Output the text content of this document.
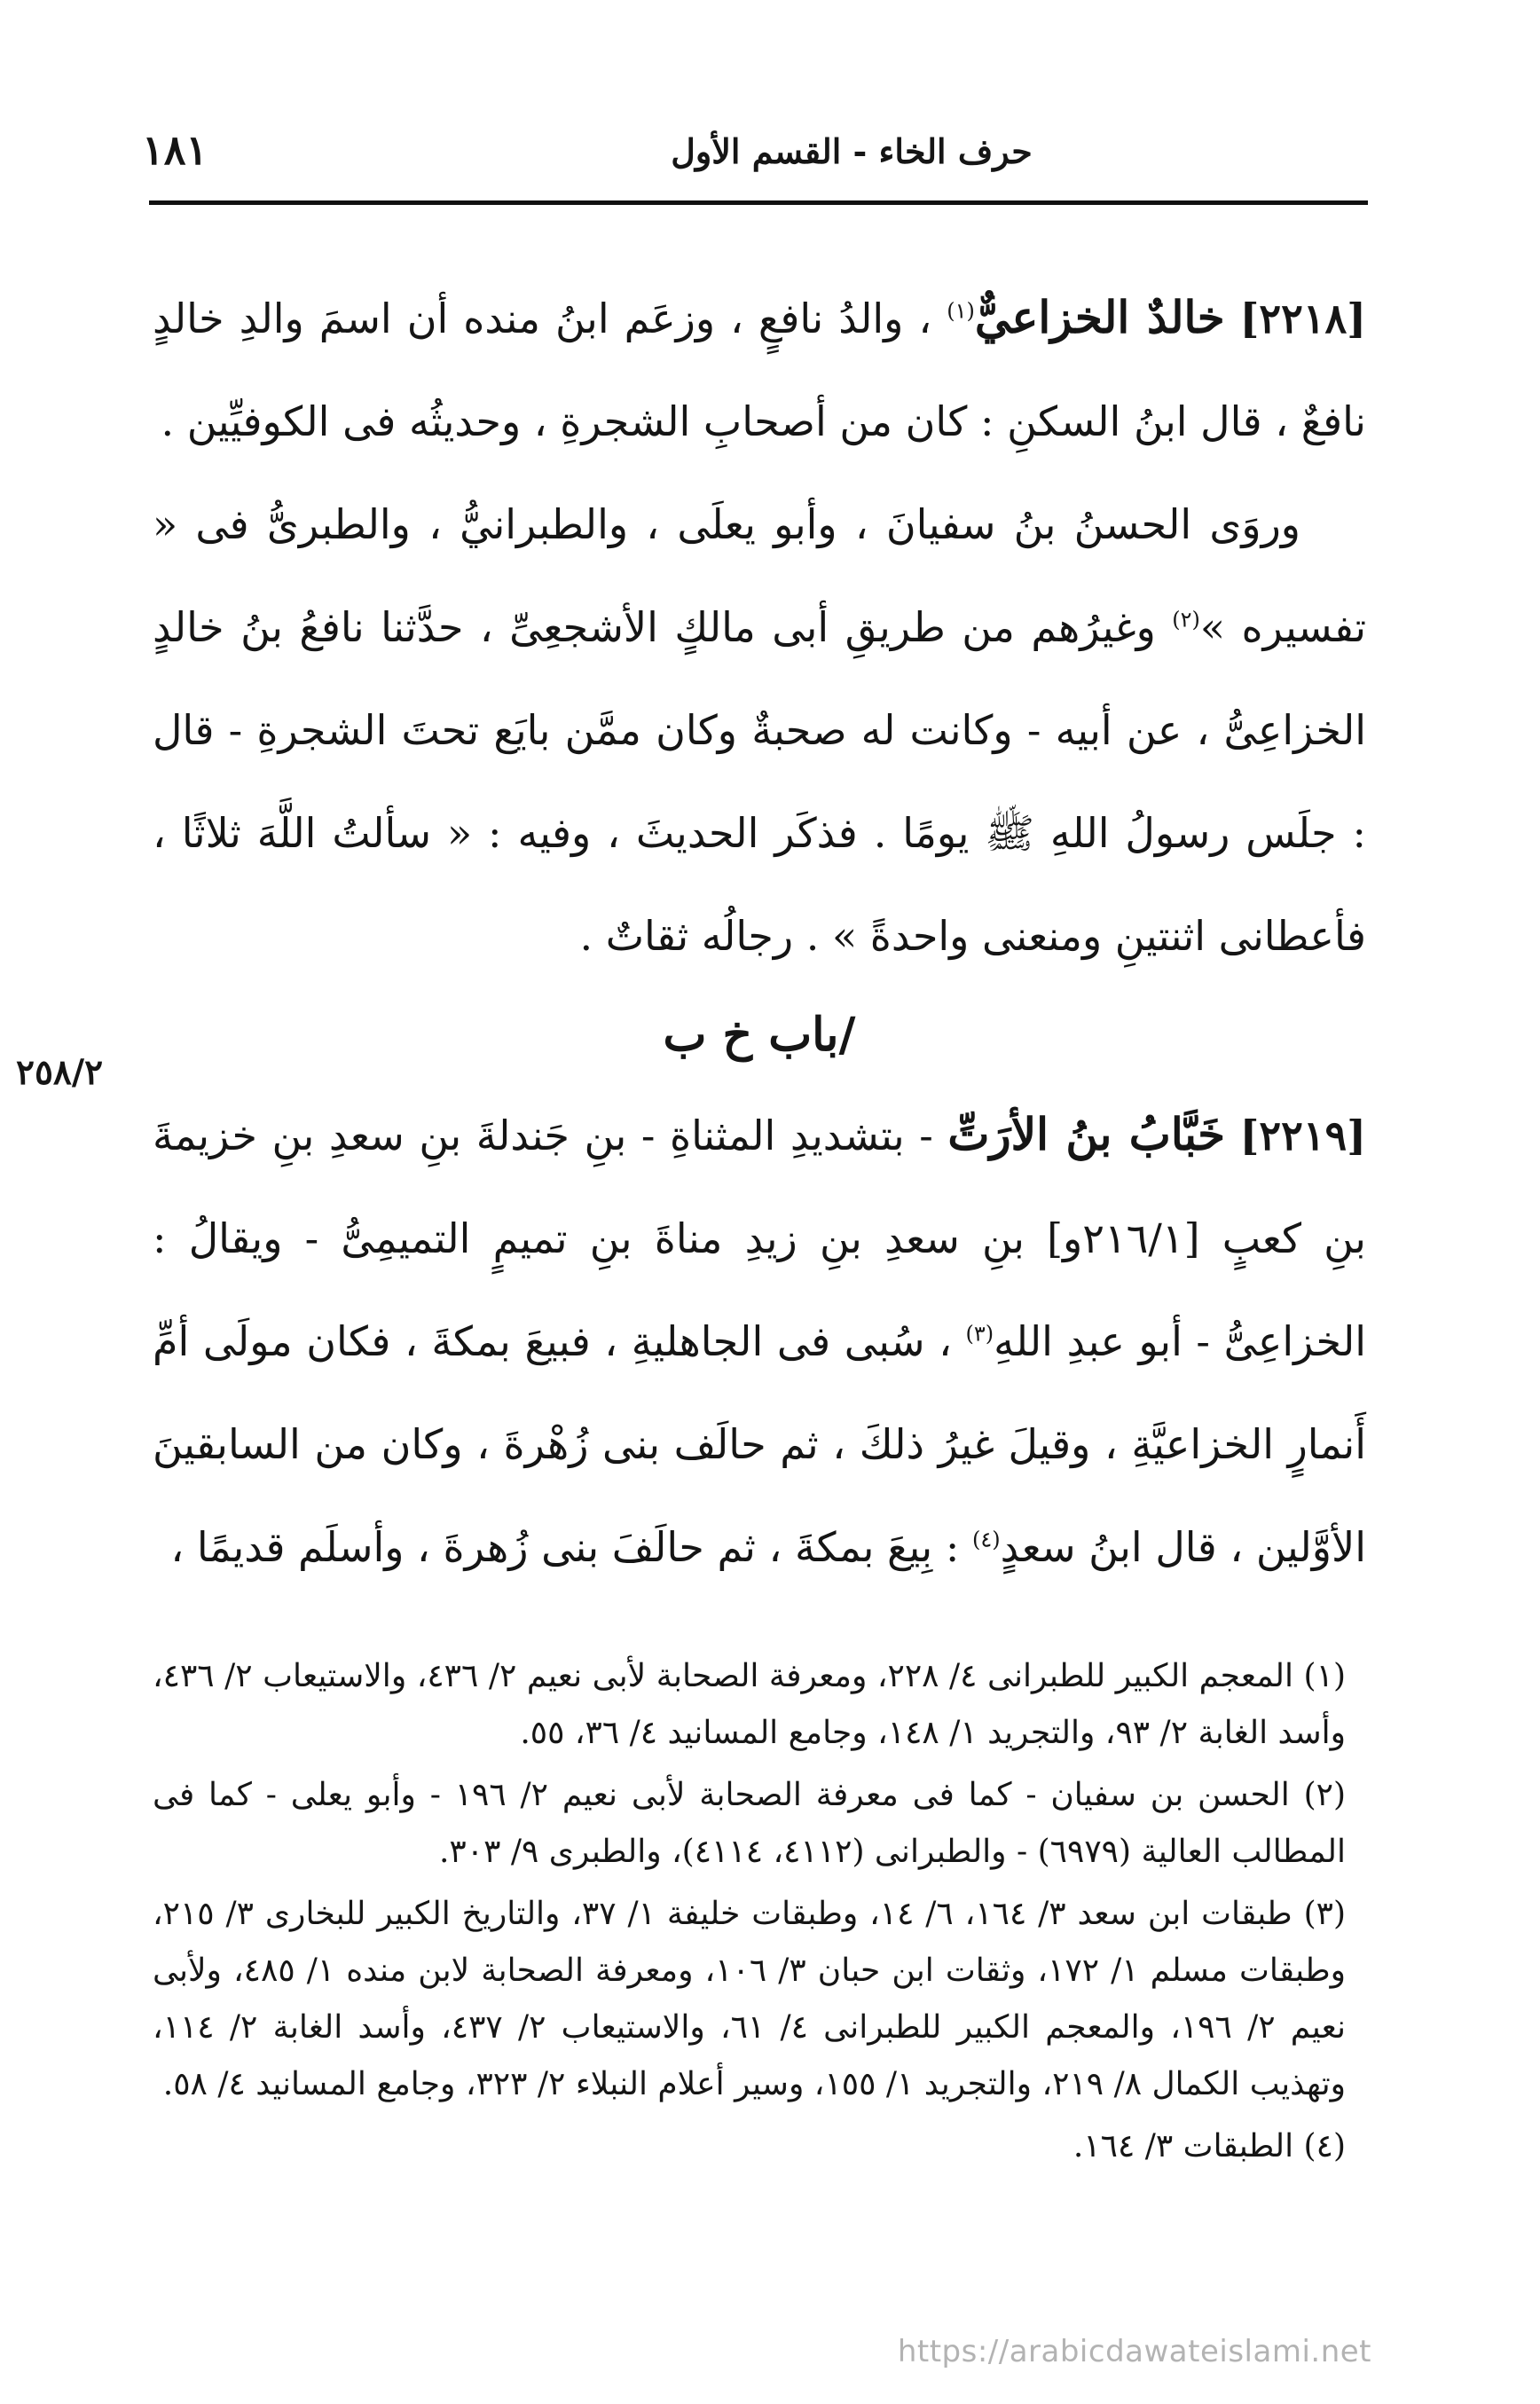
١٨١	حرف الخاء - القسم الأول
٢٥٨/٢

[٢٢١٨] خالدٌ الخزاعيٌّ$^{(١)}$ ، والدُ نافعٍ ، وزعَم ابنُ منده أن اسمَ والدِ خالدٍ نافعٌ ، قال ابنُ السكنِ : كان من أصحابِ الشجرةِ ، وحديثُه فى الكوفيِّين .

وروَى الحسنُ بنُ سفيانَ ، وأبو يعلَى ، والطبرانيُّ ، والطبرىُّ فى « تفسيره »$^{(٢)}$ وغيرُهم من طريقِ أبى مالكٍ الأشجعِىِّ ، حدَّثنا نافعُ بنُ خالدٍ الخزاعِىُّ ، عن أبيه - وكانت له صحبةٌ وكان ممَّن بايَع تحتَ الشجرةِ - قال : جلَس رسولُ اللهِ ﷺ يومًا . فذكَر الحديثَ ، وفيه : « سألتُ اللَّهَ ثلاثًا ، فأعطانى اثنتينِ ومنعنى واحدةً » . رجالُه ثقاتٌ .

/باب خ ب

[٢٢١٩] خَبَّابُ بنُ الأرَتِّ - بتشديدِ المثناةِ - بنِ جَندلةَ بنِ سعدِ بنِ خزيمةَ بنِ كعبٍ [٢١٦/١و] بنِ سعدِ بنِ زيدِ مناةَ بنِ تميمٍ التميمِىُّ - ويقالُ : الخزاعِىُّ - أبو عبدِ اللهِ$^{(٣)}$ ، سُبى فى الجاهليةِ ، فبيعَ بمكةَ ، فكان مولَى أمِّ أَنمارٍ الخزاعيَّةِ ، وقيلَ غيرُ ذلكَ ، ثم حالَف بنى زُهْرةَ ، وكان من السابقينَ الأوَّلين ، قال ابنُ سعدٍ$^{(٤)}$ : بِيعَ بمكةَ ، ثم حالَفَ بنى زُهرةَ ، وأسلَم قديمًا ،

(١) المعجم الكبير للطبرانى ٤/ ٢٢٨، ومعرفة الصحابة لأبى نعيم ٢/ ٤٣٦، والاستيعاب ٢/ ٤٣٦، وأسد الغابة ٢/ ٩٣، والتجريد ١/ ١٤٨، وجامع المسانيد ٤/ ٣٦، ٥٥.

(٢) الحسن بن سفيان - كما فى معرفة الصحابة لأبى نعيم ٢/ ١٩٦ - وأبو يعلى - كما فى المطالب العالية (٦٩٧٩) - والطبرانى (٤١١٢، ٤١١٤)، والطبرى ٩/ ٣٠٣.

(٣) طبقات ابن سعد ٣/ ١٦٤، ٦/ ١٤، وطبقات خليفة ١/ ٣٧، والتاريخ الكبير للبخارى ٣/ ٢١٥، وطبقات مسلم ١/ ١٧٢، وثقات ابن حبان ٣/ ١٠٦، ومعرفة الصحابة لابن منده ١/ ٤٨٥، ولأبى نعيم ٢/ ١٩٦، والمعجم الكبير للطبرانى ٤/ ٦١، والاستيعاب ٢/ ٤٣٧، وأسد الغابة ٢/ ١١٤، وتهذيب الكمال ٨/ ٢١٩، والتجريد ١/ ١٥٥، وسير أعلام النبلاء ٢/ ٣٢٣، وجامع المسانيد ٤/ ٥٨.

(٤) الطبقات ٣/ ١٦٤.

https://arabicdawateislami.net
